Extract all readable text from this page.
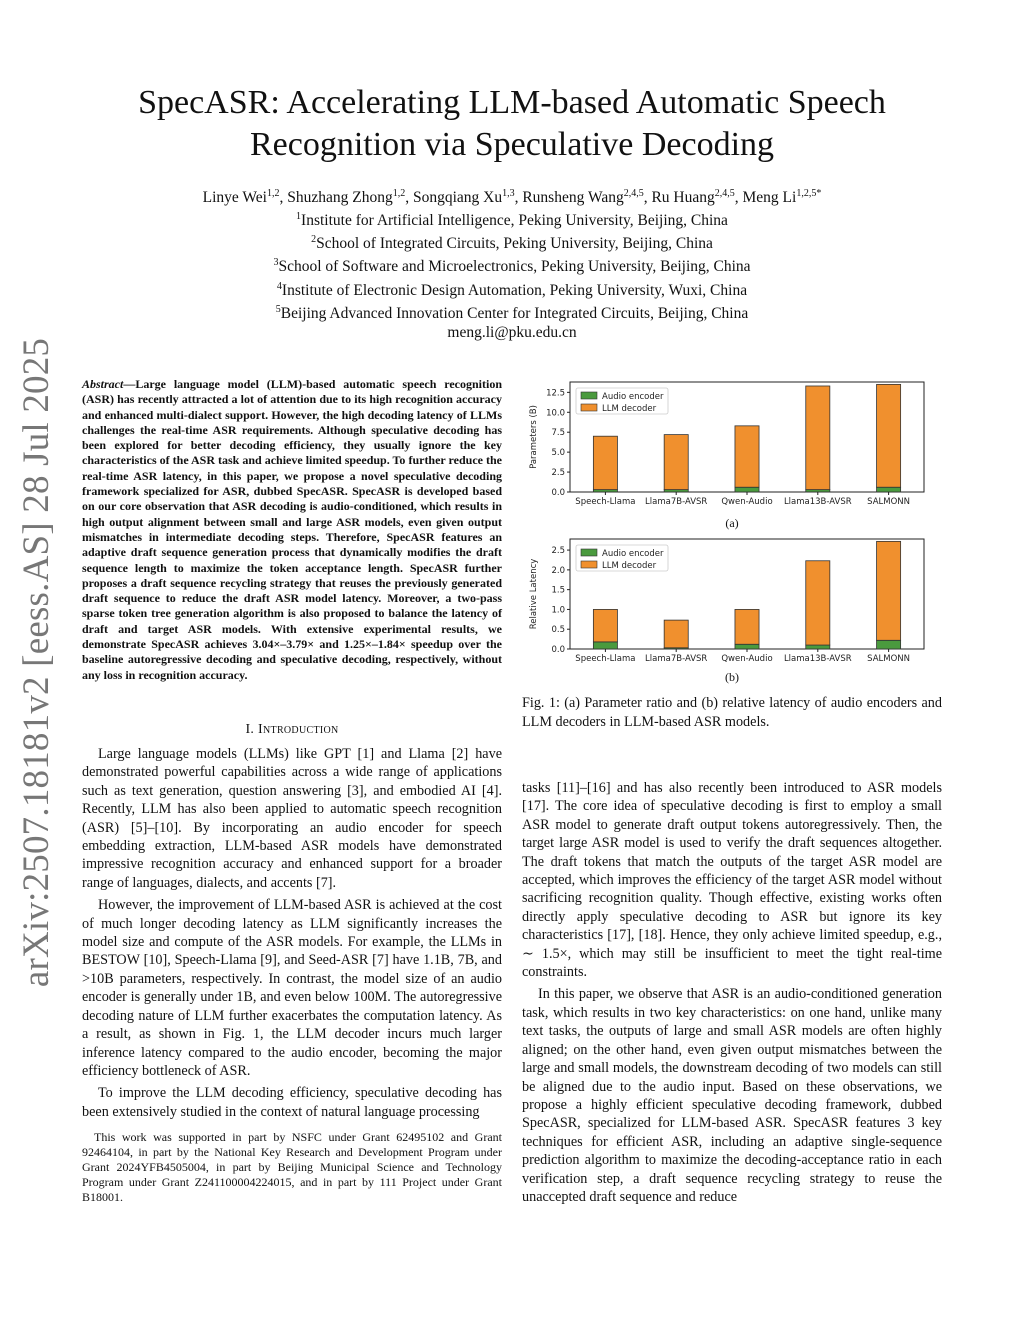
arXiv:2507.18181v2 [eess.AS] 28 Jul 2025
SpecASR: Accelerating LLM-based Automatic Speech
Recognition via Speculative Decoding
Linye Wei$^{1,2}$, Shuzhang Zhong$^{1,2}$, Songqiang Xu$^{1,3}$, Runsheng Wang$^{2,4,5}$, Ru Huang$^{2,4,5}$, Meng $Li^{1,2,5*}$
$^1$Institute for Artificial Intelligence, Peking University, Beijing, China
$^2$School of Integrated Circuits, Peking University, Beijing, China
$^3$School of Software and Microelectronics, Peking University, Beijing, China
$^4$Institute of Electronic Design Automation, Peking University, Wuxi, China
$^5$Beijing Advanced Innovation Center for Integrated Circuits, Beijing, China
meng.li@pku.edu.cn
Abstract—Large language model (LLM)-based automatic speech recognition (ASR) has recently attracted a lot of attention due to its high recognition accuracy and enhanced multi-dialect support. However, the high decoding latency of LLMs challenges the real-time ASR requirements. Although speculative decoding has been explored for better decoding efficiency, they usually ignore the key characteristics of the ASR task and achieve limited speedup. To further reduce the real-time ASR latency, in this paper, we propose a novel speculative decoding framework specialized for ASR, dubbed SpecASR. SpecASR is developed based on our core observation that ASR decoding is audio-conditioned, which results in high output alignment between small and large ASR models, even given output mismatches in intermediate decoding steps. Therefore, SpecASR features an adaptive draft sequence generation process that dynamically modifies the draft sequence length to maximize the token acceptance length. SpecASR further proposes a draft sequence recycling strategy that reuses the previously generated draft sequence to reduce the draft ASR model latency. Moreover, a two-pass sparse token tree generation algorithm is also proposed to balance the latency of draft and target ASR models. With extensive experimental results, we demonstrate SpecASR achieves 3.04×–3.79× and 1.25×–1.84× speedup over the baseline autoregressive decoding and speculative decoding, respectively, without any loss in recognition accuracy.
I. Introduction

Large language models (LLMs) like GPT [1] and Llama [2] have demonstrated powerful capabilities across a wide range of applications such as text generation, question answering [3], and embodied AI [4]. Recently, LLM has also been applied to automatic speech recognition (ASR) [5]–[10]. By incorporating an audio encoder for speech embedding extraction, LLM-based ASR models have demonstrated impressive recognition accuracy and enhanced support for a broader range of languages, dialects, and accents [7].

However, the improvement of LLM-based ASR is achieved at the cost of much longer decoding latency as LLM significantly increases the model size and compute of the ASR models. For example, the LLMs in BESTOW [10], Speech-Llama [9], and Seed-ASR [7] have 1.1B, 7B, and >10B parameters, respectively. In contrast, the model size of an audio encoder is generally under 1B, and even below 100M. The autoregressive decoding nature of LLM further exacerbates the computation latency. As a result, as shown in Fig. 1, the LLM decoder incurs much larger inference latency compared to the audio encoder, becoming the major efficiency bottleneck of ASR.

To improve the LLM decoding efficiency, speculative decoding has been extensively studied in the context of natural language processing

This work was supported in part by NSFC under Grant 62495102 and Grant 92464104, in part by the National Key Research and Development Program under Grant 2024YFB4505004, in part by Beijing Municipal Science and Technology Program under Grant Z241100004224015, and in part by 111 Project under Grant B18001.

0.0
2.5
5.0
7.5
10.0
12.5
Parameters (B)
Speech-Llama Llama7B-AVSR Qwen-Audio Llama13B-AVSR SALMONN
Audio encoder
LLM decoder
(a)
0.0
0.5
1.0
1.5
2.0
2.5
Relative Latency
Speech-Llama Llama7B-AVSR Qwen-Audio Llama13B-AVSR SALMONN
Audio encoder
LLM decoder
(b)
Fig. 1: (a) Parameter ratio and (b) relative latency of audio encoders and LLM decoders in LLM-based ASR models.

tasks [11]–[16] and has also recently been introduced to ASR models [17]. The core idea of speculative decoding is first to employ a small ASR model to generate draft output tokens autoregressively. Then, the target large ASR model is used to verify the draft sequences altogether. The draft tokens that match the outputs of the target ASR model are accepted, which improves the efficiency of the target ASR model without sacrificing recognition quality. Though effective, existing works often directly apply speculative decoding to ASR but ignore its key characteristics [17], [18]. Hence, they only achieve limited speedup, e.g., ∼ 1.5×, which may still be insufficient to meet the tight real-time constraints.

In this paper, we observe that ASR is an audio-conditioned generation task, which results in two key characteristics: on one hand, unlike many text tasks, the outputs of large and small ASR models are often highly aligned; on the other hand, even given output mismatches between the large and small models, the downstream decoding of two models can still be aligned due to the audio input. Based on these observations, we propose a highly efficient speculative decoding framework, dubbed SpecASR, specialized for LLM-based ASR. SpecASR features 3 key techniques for efficient ASR, including an adaptive single-sequence prediction algorithm to maximize the decoding-acceptance ratio in each verification step, a draft sequence recycling strategy to reuse the unaccepted draft sequence and reduce
